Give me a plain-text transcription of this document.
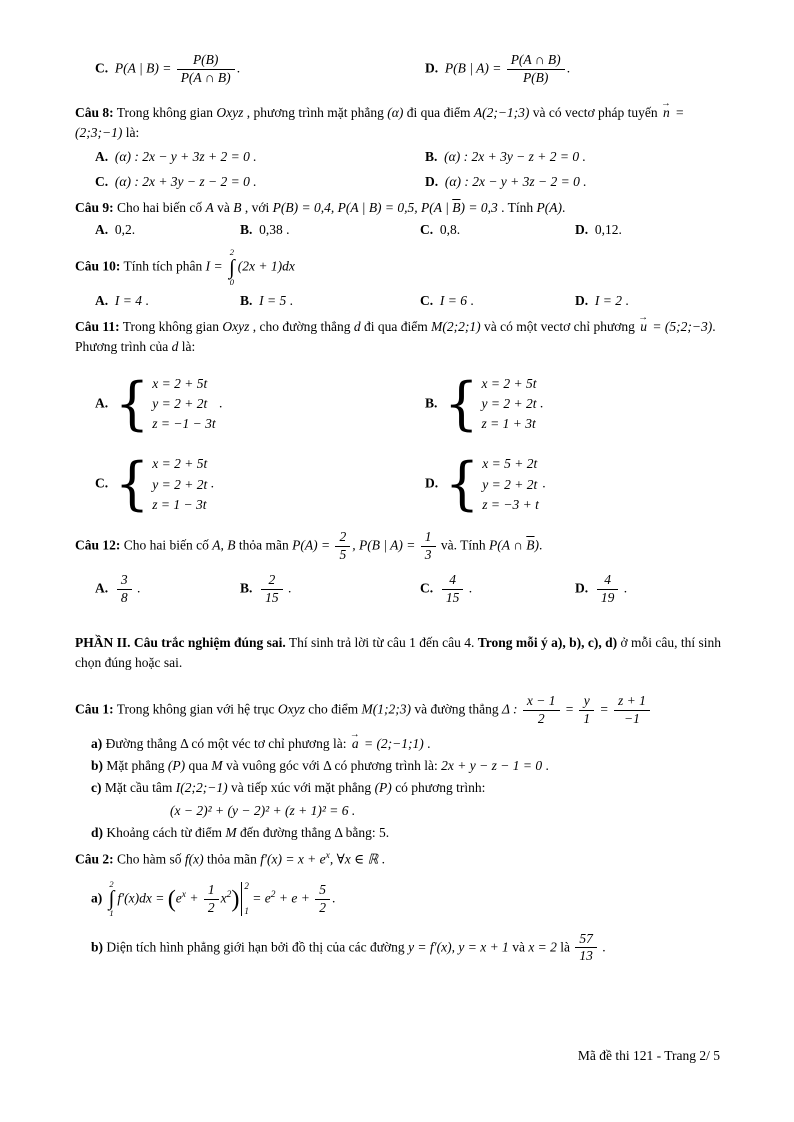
C. P(A | $B) = \frac{P(B)}{P(A \cap B)}$ .	D. P(B | $A) = \frac{P(A \cap B)}{P(B)}$ .

Câu 8: Trong không gian Oxyz , phương trình mặt phẳng (α) đi qua điểm A(2;−1;3) và có vectơ pháp tuyến n → = (2;3;−1) là:

A. (α) : 2x − y + 3z + 2 = 0 .	B. (α) : 2x + 3y − z + 2 = 0 .
C. (α) : 2x + 3y − z − 2 = 0 .	D. (α) : 2x − y + 3z − 2 = 0 .

Câu 9: Cho hai biến cố A và B , với P(B) = 0,4, P(A | B) = 0,5, P(A | $\overline{B}) = 0,3$ . Tính P(A).

A.  0,2.	B.  0,38 .	C.  0,8.	D.  0,12.

Câu 10: Tính tích phân I =
2
∫
0
(2x + 1)dx

A. I = 4 .	B. I = 5 .	C. I = 6 .	D. I = 2 .

Câu 11: Trong không gian Oxyz , cho đường thẳng d đi qua điểm M(2;2;1) và có một vectơ chỉ phương u → = (5;2;−3). Phương trình của d là:

A. { x = 2 + 5t
y = 2 + 2t
z = −1 − 3t
.	B. { x = 2 + 5t
y = 2 + 2t
z = 1 + 3t
.
C. { x = 2 + 5t
y = 2 + 2t
z = 1 − 3t
.	D. { x = 5 + 2t
y = 2 + 2t
z = −3 + t
.

Câu 12: Cho hai biến cố A, B thỏa mãn $P(A) = \frac{2}{5}$ , P(B | $A) = \frac{1}{3}$ và. Tính P(A ∩ $\overline{B}$).

A. $\frac{3}{8}$ .	B. $\frac{2}{15}$ .	C. $\frac{4}{15}$ .	D. $\frac{4}{19}$ .

PHẦN II. Câu trắc nghiệm đúng sai. Thí sinh trả lời từ câu 1 đến câu 4. Trong mỗi ý a), b), c), d) ở mỗi câu, thí sinh chọn đúng hoặc sai.

Câu 1: Trong không gian với hệ trục Oxyz cho điểm M(1;2;3) và đường thẳng Δ : $\frac{x - 1}{2} = \frac{y}{1} = \frac{z + 1}{-1}$

a) Đường thẳng Δ có một véc tơ chỉ phương là: a → = (2;−1;1) .
b) Mặt phẳng (P) qua M và vuông góc với Δ có phương trình là: 2x + y − z − 1 = 0 .
c) Mặt cầu tâm I(2;2;−1) và tiếp xúc với mặt phẳng (P) có phương trình:
(x − 2)² + (y − 2)² + (z + 1)² = 6 .
d) Khoảng cách từ điểm M đến đường thẳng Δ bằng: 5.

Câu 2: Cho hàm số f(x) thỏa mãn $f'(x) = x + e^x$, ∀x ∈ ℝ .

a)
2
∫
1
$f'(x)dx = (e^x + \frac{1}{2} x^2)$ 2
1
= $e^2 + e + \frac{5}{2}$ .
b) Diện tích hình phẳng giới hạn bởi đồ thị của các đường y = f′(x), y = x + 1 và x = 2 là $\frac{57}{13}$ .
Mã đề thi 121 - Trang 2/ 5
